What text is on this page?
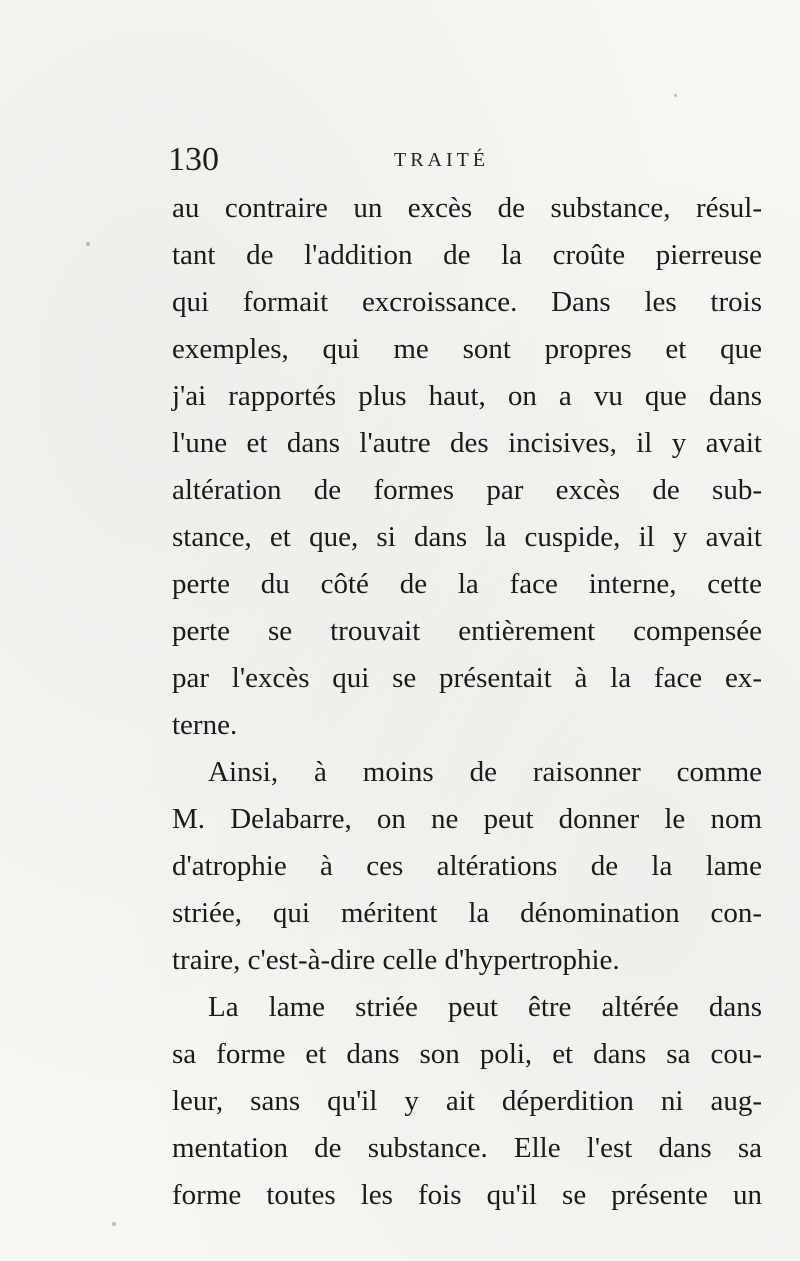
130	TRAITÉ
au contraire un excès de substance, résul-
tant de l'addition de la croûte pierreuse
qui formait excroissance. Dans les trois
exemples, qui me sont propres et que
j'ai rapportés plus haut, on a vu que dans
l'une et dans l'autre des incisives, il y avait
altération de formes par excès de sub-
stance, et que, si dans la cuspide, il y avait
perte du côté de la face interne, cette
perte se trouvait entièrement compensée
par l'excès qui se présentait à la face ex-
terne.
Ainsi, à moins de raisonner comme
M. Delabarre, on ne peut donner le nom
d'atrophie à ces altérations de la lame
striée, qui méritent la dénomination con-
traire, c'est-à-dire celle d'hypertrophie.
La lame striée peut être altérée dans
sa forme et dans son poli, et dans sa cou-
leur, sans qu'il y ait déperdition ni aug-
mentation de substance. Elle l'est dans sa
forme toutes les fois qu'il se présente un
